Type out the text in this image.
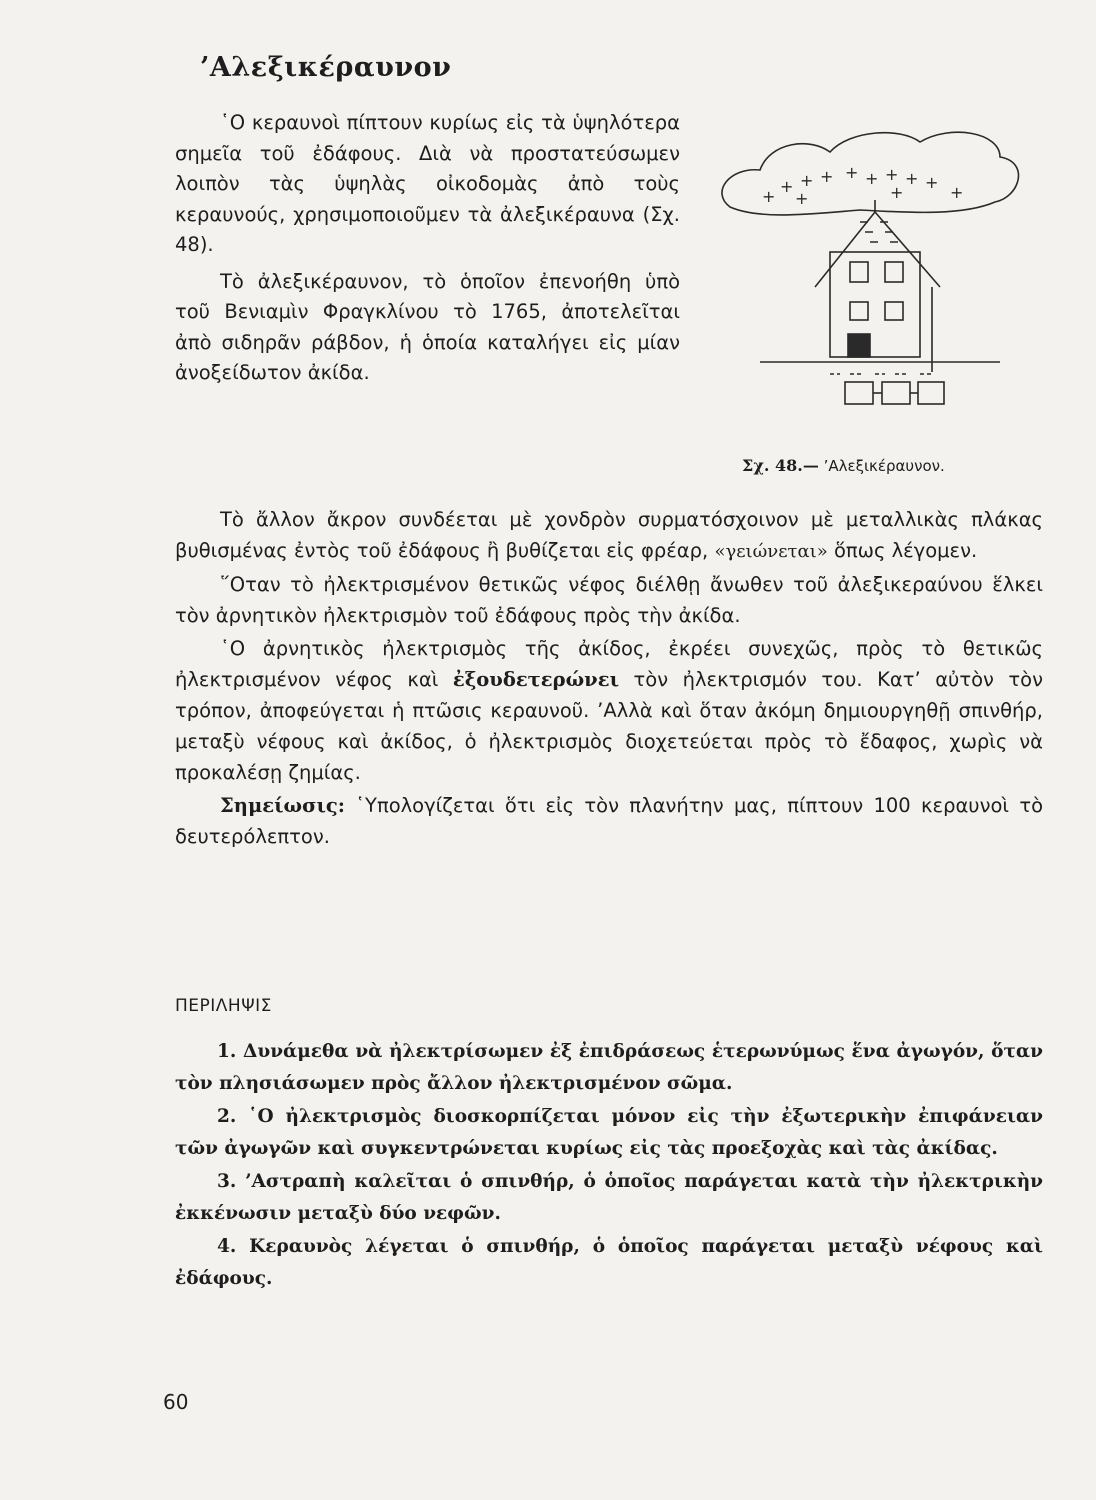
’Αλεξικέραυνον

῾Ο κεραυνοὶ πίπτουν κυρίως εἰς τὰ ὑψηλότερα σημεῖα τοῦ ἐδάφους. Διὰ νὰ προστατεύσωμεν λοιπὸν τὰς ὑψηλὰς οἰκοδομὰς ἀπὸ τοὺς κεραυνούς, χρησιμοποιοῦμεν τὰ ἀλεξικέραυνα (Σχ. 48).

Τὸ ἀλεξικέραυνον, τὸ ὁποῖον ἐπενοήθη ὑπὸ τοῦ Βενιαμὶν Φραγκλίνου τὸ 1765, ἀποτελεῖται ἀπὸ σιδηρᾶν ράβδον, ἡ ὁποία καταλήγει εἰς μίαν ἀνοξείδωτον ἀκίδα.

+
+ + + + + + + +
+
+	+
Σχ. 48.— ’Αλεξικέραυνον.

Τὸ ἄλλον ἄκρον συνδέεται μὲ χονδρὸν συρματόσχοινον μὲ μεταλλικὰς πλάκας βυθισμένας ἐντὸς τοῦ ἐδάφους ἢ βυθίζεται εἰς φρέαρ, «γειώνεται» ὅπως λέγομεν.

῞Οταν τὸ ἠλεκτρισμένον θετικῶς νέφος διέλθῃ ἄνωθεν τοῦ ἀλεξικεραύνου ἕλκει τὸν ἀρνητικὸν ἠλεκτρισμὸν τοῦ ἐδάφους πρὸς τὴν ἀκίδα.

῾Ο ἀρνητικὸς ἠλεκτρισμὸς τῆς ἀκίδος, ἐκρέει συνεχῶς, πρὸς τὸ θετικῶς ἠλεκτρισμένον νέφος καὶ ἐξουδετερώνει τὸν ἠλεκτρισμόν του. Κατ’ αὐτὸν τὸν τρόπον, ἀποφεύγεται ἡ πτῶσις κεραυνοῦ. ’Αλλὰ καὶ ὅταν ἀκόμη δημιουργηθῇ σπινθήρ, μεταξὺ νέφους καὶ ἀκίδος, ὁ ἠλεκτρισμὸς διοχετεύεται πρὸς τὸ ἔδαφος, χωρὶς νὰ προκαλέσῃ ζημίας.

Σημείωσις: ῾Υπολογίζεται ὅτι εἰς τὸν πλανήτην μας, πίπτουν 100 κεραυνοὶ τὸ δευτερόλεπτον.

ΠΕΡΙΛΗΨΙΣ

1. Δυνάμεθα νὰ ἠλεκτρίσωμεν ἐξ ἐπιδράσεως ἑτερωνύμως ἕνα ἀγωγόν, ὅταν τὸν πλησιάσωμεν πρὸς ἄλλον ἠλεκτρισμένον σῶμα.

2. ῾Ο ἠλεκτρισμὸς διοσκορπίζεται μόνον εἰς τὴν ἐξωτερικὴν ἐπιφάνειαν τῶν ἀγωγῶν καὶ συγκεντρώνεται κυρίως εἰς τὰς προεξοχὰς καὶ τὰς ἀκίδας.

3. ’Αστραπὴ καλεῖται ὁ σπινθήρ, ὁ ὁποῖος παράγεται κατὰ τὴν ἠλεκτρικὴν ἐκκένωσιν μεταξὺ δύο νεφῶν.

4. Κεραυνὸς λέγεται ὁ σπινθήρ, ὁ ὁποῖος παράγεται μεταξὺ νέφους καὶ ἐδάφους.

60
